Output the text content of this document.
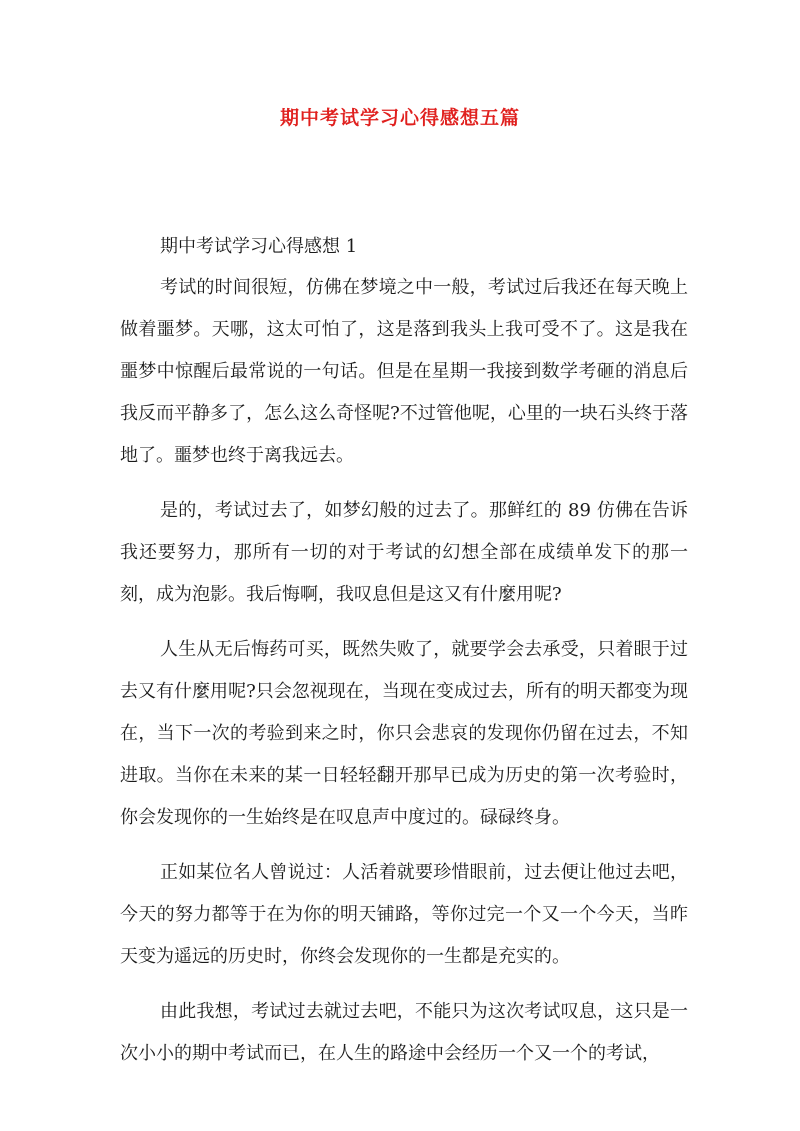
期中考试学习心得感想五篇

期中考试学习心得感想 1

考试的时间很短，仿佛在梦境之中一般，考试过后我还在每天晚上做着噩梦。天哪，这太可怕了，这是落到我头上我可受不了。这是我在噩梦中惊醒后最常说的一句话。但是在星期一我接到数学考砸的消息后我反而平静多了，怎么这么奇怪呢?不过管他呢，心里的一块石头终于落地了。噩梦也终于离我远去。

是的，考试过去了，如梦幻般的过去了。那鲜红的 89 仿佛在告诉我还要努力，那所有一切的对于考试的幻想全部在成绩单发下的那一刻，成为泡影。我后悔啊，我叹息但是这又有什麼用呢?

人生从无后悔药可买，既然失败了，就要学会去承受，只着眼于过去又有什麼用呢?只会忽视现在，当现在变成过去，所有的明天都变为现在，当下一次的考验到来之时，你只会悲哀的发现你仍留在过去，不知进取。当你在未来的某一日轻轻翻开那早已成为历史的第一次考验时，你会发现你的一生始终是在叹息声中度过的。碌碌终身。

正如某位名人曾说过：人活着就要珍惜眼前，过去便让他过去吧，今天的努力都等于在为你的明天铺路，等你过完一个又一个今天，当昨天变为遥远的历史时，你终会发现你的一生都是充实的。

由此我想，考试过去就过去吧，不能只为这次考试叹息，这只是一次小小的期中考试而已，在人生的路途中会经历一个又一个的考试，
